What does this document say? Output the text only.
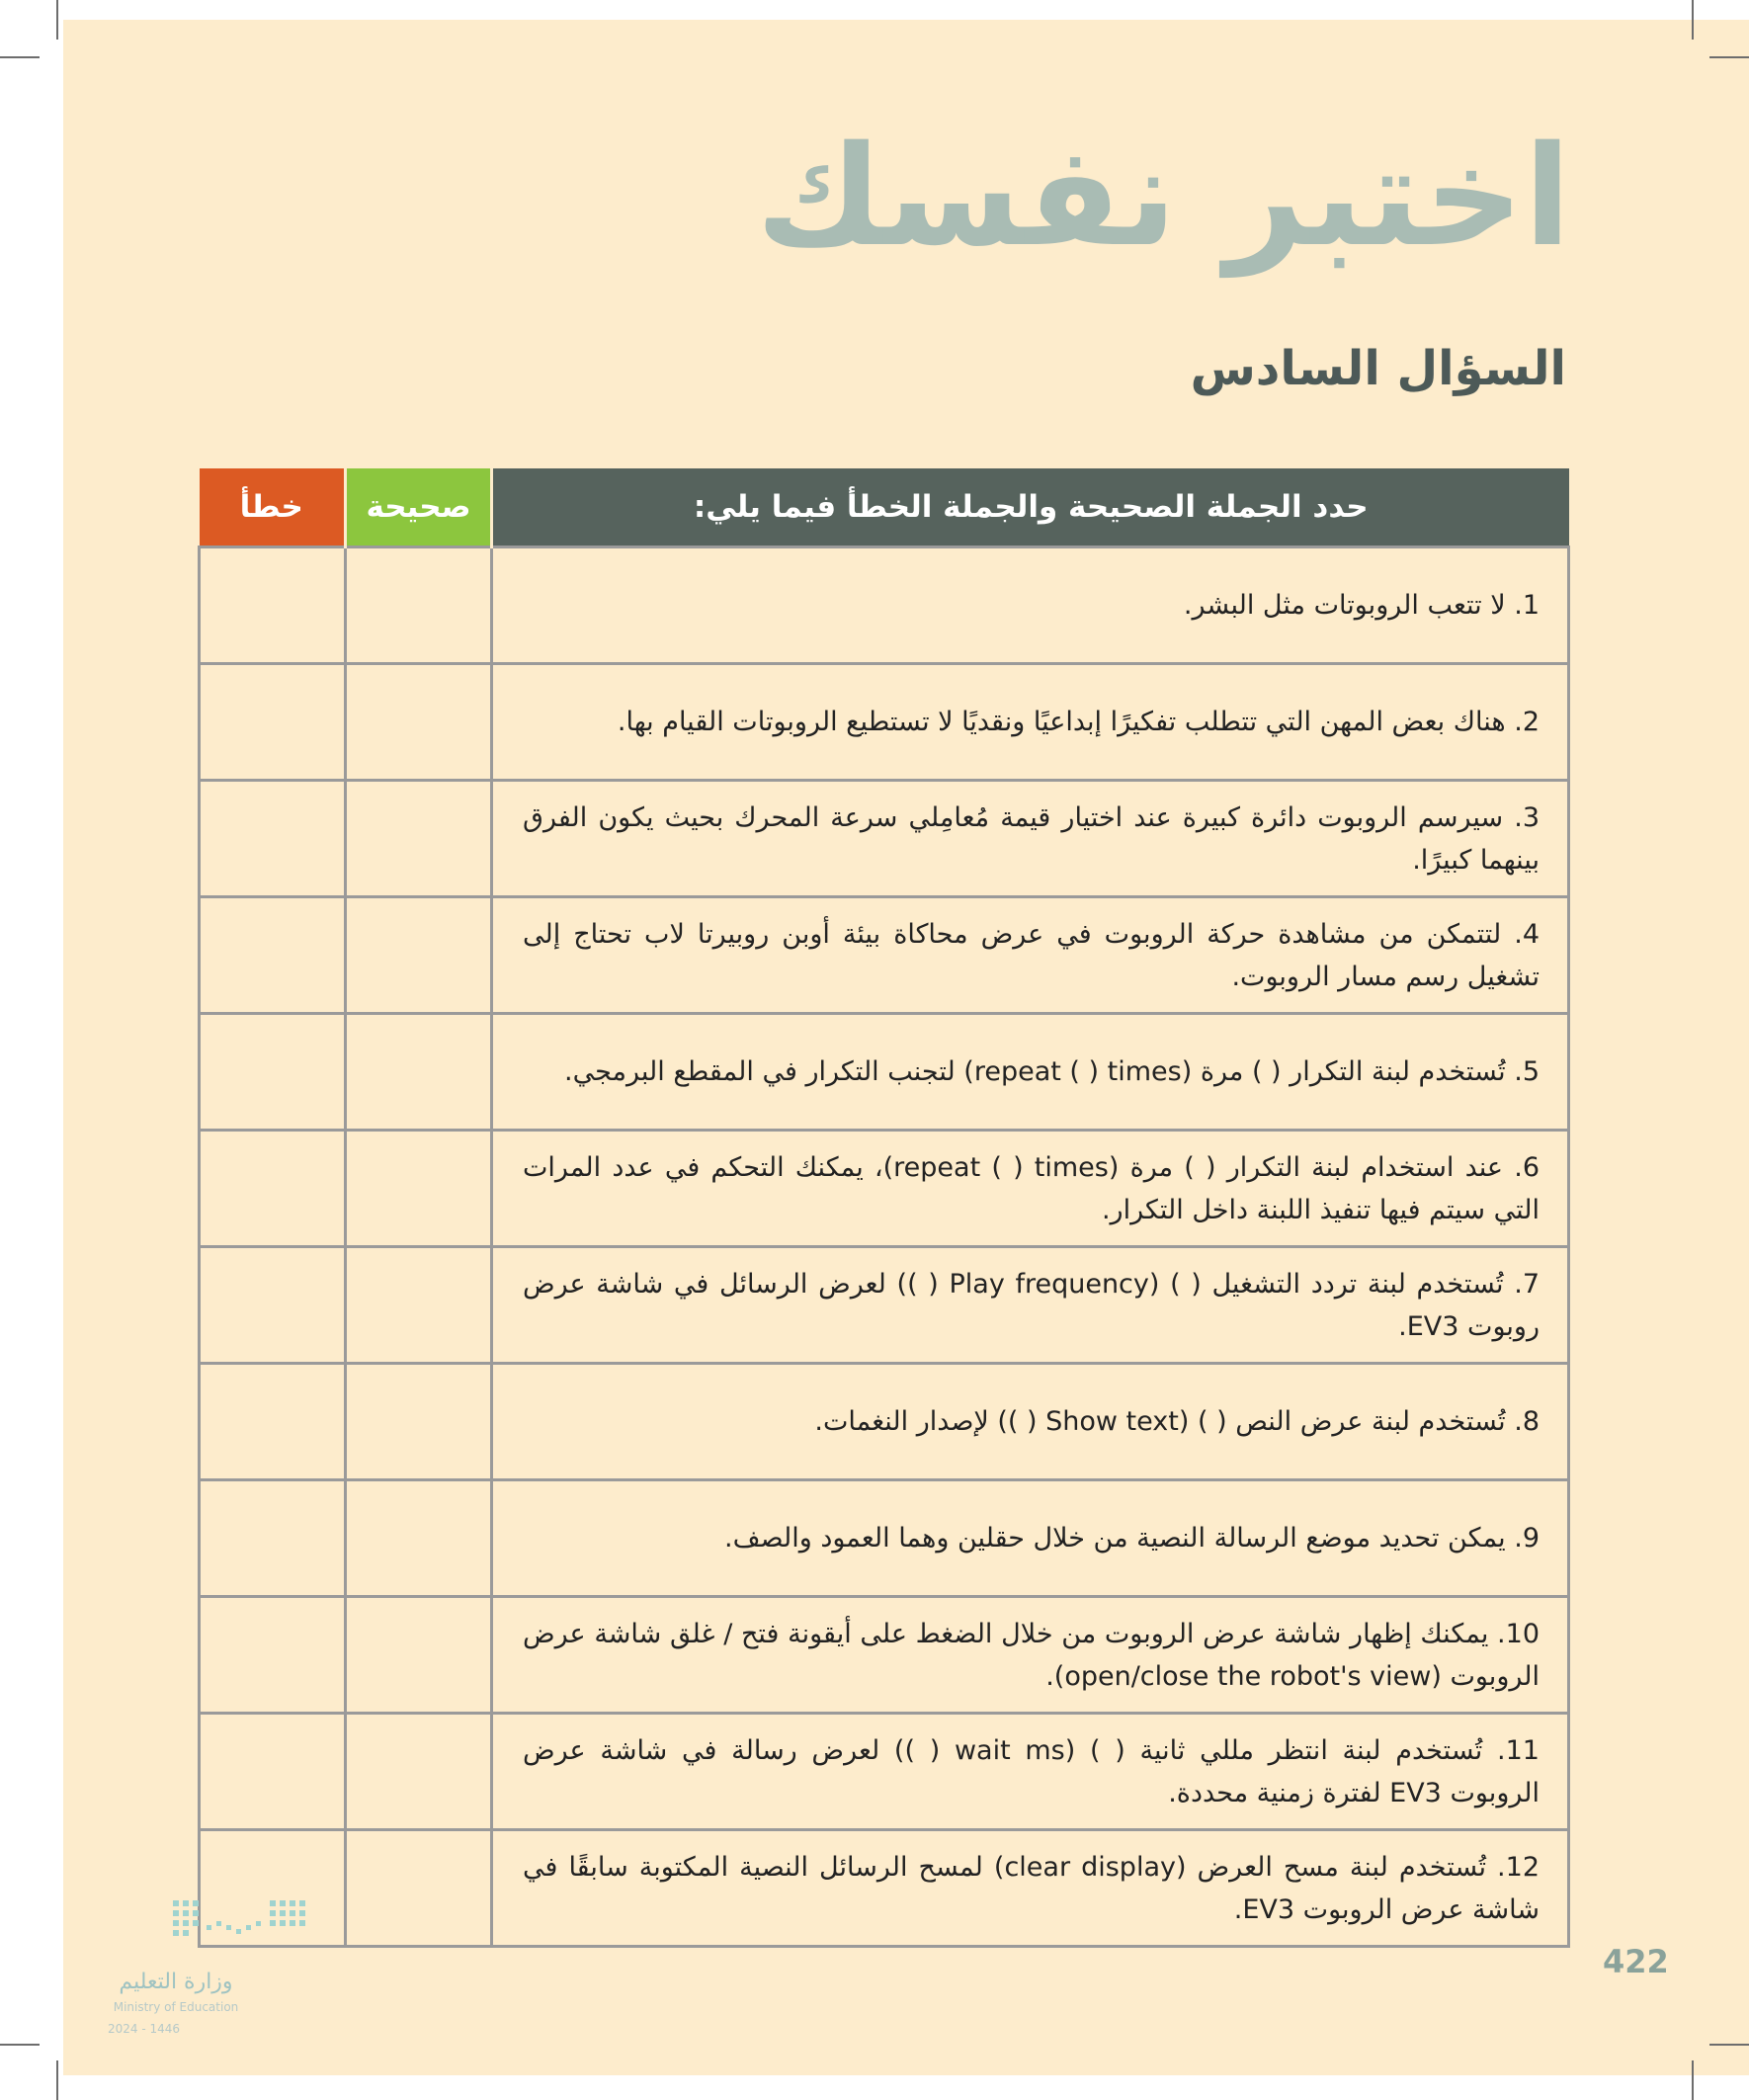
اختبر نفسك
السؤال السادس
حدد الجملة الصحيحة والجملة الخطأ فيما يلي:	صحيحة	خطأ
1. لا تتعب الروبوتات مثل البشر.		
2. هناك بعض المهن التي تتطلب تفكيرًا إبداعيًا ونقديًا لا تستطيع الروبوتات القيام بها.		
3. سيرسم الروبوت دائرة كبيرة عند اختيار قيمة مُعامِلي سرعة المحرك بحيث يكون الفرق بينهما كبيرًا.		
4. لتتمكن من مشاهدة حركة الروبوت في عرض محاكاة بيئة أوبن روبيرتا لاب تحتاج إلى تشغيل رسم مسار الروبوت.		
5. تُستخدم لبنة التكرار ( ) مرة (repeat ( ) times) لتجنب التكرار في المقطع البرمجي.		
6. عند استخدام لبنة التكرار ( ) مرة (repeat ( ) times)، يمكنك التحكم في عدد المرات التي سيتم فيها تنفيذ اللبنة داخل التكرار.		
7. تُستخدم لبنة تردد التشغيل ( ) (Play frequency ( )) لعرض الرسائل في شاشة عرض روبوت EV3.		
8. تُستخدم لبنة عرض النص ( ) (Show text ( )) لإصدار النغمات.		
9. يمكن تحديد موضع الرسالة النصية من خلال حقلين وهما العمود والصف.		
10. يمكنك إظهار شاشة عرض الروبوت من خلال الضغط على أيقونة فتح / غلق شاشة عرض الروبوت (open/close the robot's view).		
11. تُستخدم لبنة انتظر مللي ثانية ( ) (wait ms ( )) لعرض رسالة في شاشة عرض الروبوت EV3 لفترة زمنية محددة.		
12. تُستخدم لبنة مسح العرض (clear display) لمسح الرسائل النصية المكتوبة سابقًا في شاشة عرض الروبوت EV3.		
422
وزارة التعليم
Ministry of Education
2024 - 1446
